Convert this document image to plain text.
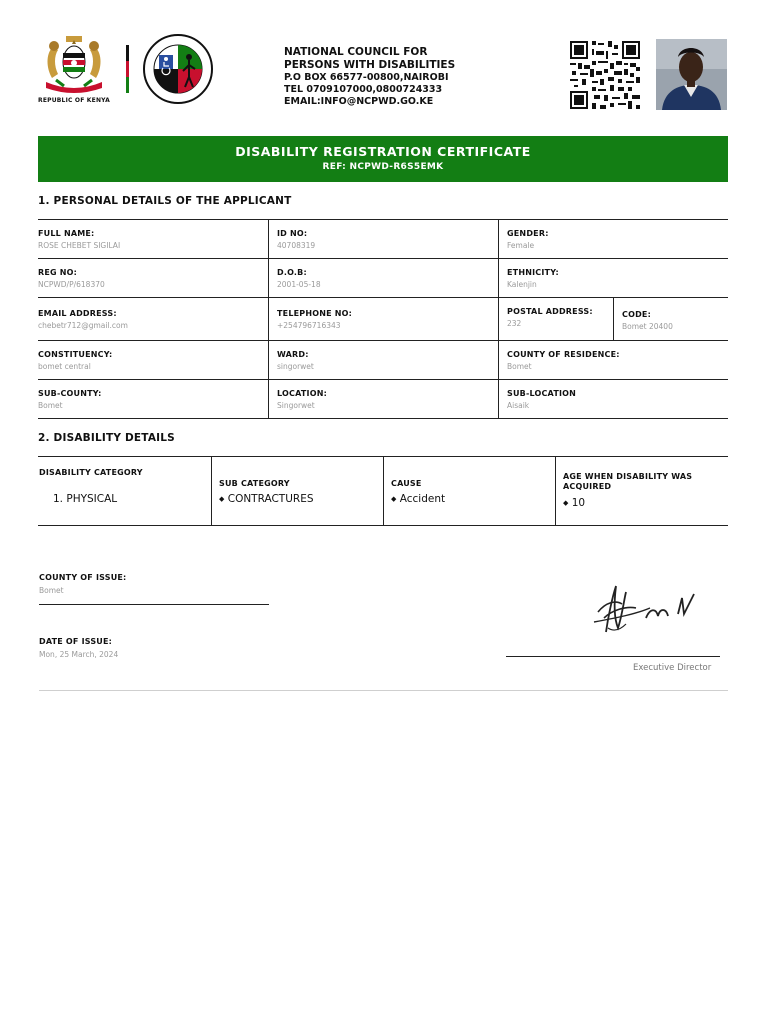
REPUBLIC OF KENYA
NATIONAL COUNCIL FOR
PERSONS WITH DISABILITIES
P.O BOX 66577-00800,NAIROBI
TEL 0709107000,0800724333
EMAIL:INFO@NCPWD.GO.KE
DISABILITY REGISTRATION CERTIFICATE
REF: NCPWD-R6S5EMK
1. PERSONAL DETAILS OF THE APPLICANT
FULL NAME:
ROSE CHEBET SIGILAI
ID NO:
40708319
GENDER:
Female
REG NO:
NCPWD/P/618370
D.O.B:
2001-05-18
ETHNICITY:
Kalenjin
EMAIL ADDRESS:
chebetr712@gmail.com
TELEPHONE NO:
+254796716343
POSTAL ADDRESS:
232
CODE:
Bomet 20400
CONSTITUENCY:
bomet central
WARD:
singorwet
COUNTY OF RESIDENCE:
Bomet
SUB-COUNTY:
Bomet
LOCATION:
Singorwet
SUB-LOCATION
Aisaik
2. DISABILITY DETAILS
DISABILITY CATEGORY
1. PHYSICAL
SUB CATEGORY
◆ CONTRACTURES
CAUSE
◆ Accident
AGE WHEN DISABILITY WAS
ACQUIRED
◆ 10
COUNTY OF ISSUE:
Bomet
DATE OF ISSUE:
Mon, 25 March, 2024
Executive Director
